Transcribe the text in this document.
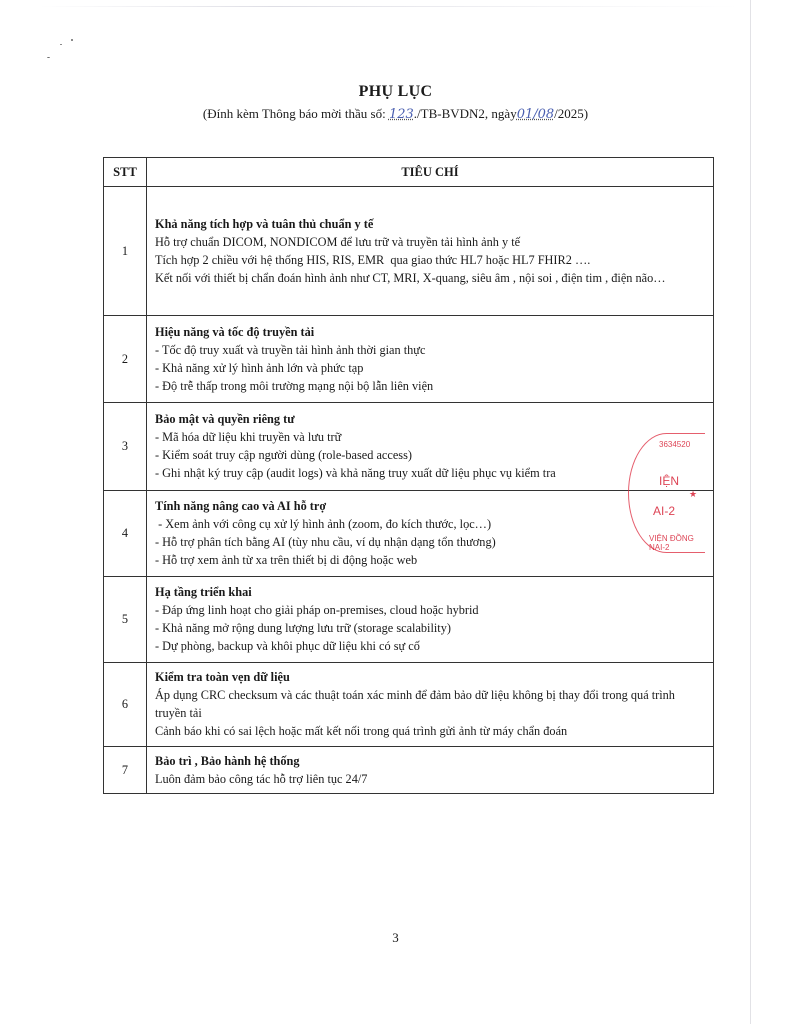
PHỤ LỤC
(Đính kèm Thông báo mời thầu số: 123./TB-BVDN2, ngày01/08/2025)
STT	TIÊU CHÍ
1	Khả năng tích hợp và tuân thủ chuẩn y tế
Hỗ trợ chuẩn DICOM, NONDICOM để lưu trữ và truyền tải hình ảnh y tế
Tích hợp 2 chiều với hệ thống HIS, RIS, EMR  qua giao thức HL7 hoặc HL7 FHIR2 ….
Kết nối với thiết bị chẩn đoán hình ảnh như CT, MRI, X-quang, siêu âm , nội soi , điện tim , điện não…

2	Hiệu năng và tốc độ truyền tải
- Tốc độ truy xuất và truyền tải hình ảnh thời gian thực
- Khả năng xử lý hình ảnh lớn và phức tạp
- Độ trễ thấp trong môi trường mạng nội bộ lẫn liên viện

3	Bảo mật và quyền riêng tư
- Mã hóa dữ liệu khi truyền và lưu trữ
- Kiểm soát truy cập người dùng (role-based access)
- Ghi nhật ký truy cập (audit logs) và khả năng truy xuất dữ liệu phục vụ kiểm tra

4	Tính năng nâng cao và AI hỗ trợ
- Xem ảnh với công cụ xử lý hình ảnh (zoom, đo kích thước, lọc…)
- Hỗ trợ phân tích bằng AI (tùy nhu cầu, ví dụ nhận dạng tổn thương)
- Hỗ trợ xem ảnh từ xa trên thiết bị di động hoặc web

5	Hạ tầng triển khai
- Đáp ứng linh hoạt cho giải pháp on-premises, cloud hoặc hybrid
- Khả năng mở rộng dung lượng lưu trữ (storage scalability)
- Dự phòng, backup và khôi phục dữ liệu khi có sự cố

6	Kiểm tra toàn vẹn dữ liệu
Áp dụng CRC checksum và các thuật toán xác minh để đảm bảo dữ liệu không bị thay đổi trong quá trình truyền tải
Cảnh báo khi có sai lệch hoặc mất kết nối trong quá trình gửi ảnh từ máy chẩn đoán

7	Bảo trì , Bảo hành hệ thống
Luôn đảm bảo công tác hỗ trợ liên tục 24/7
3634520
IỆN
★
AI-2
VIỆN ĐỒNG NAI-2
3
